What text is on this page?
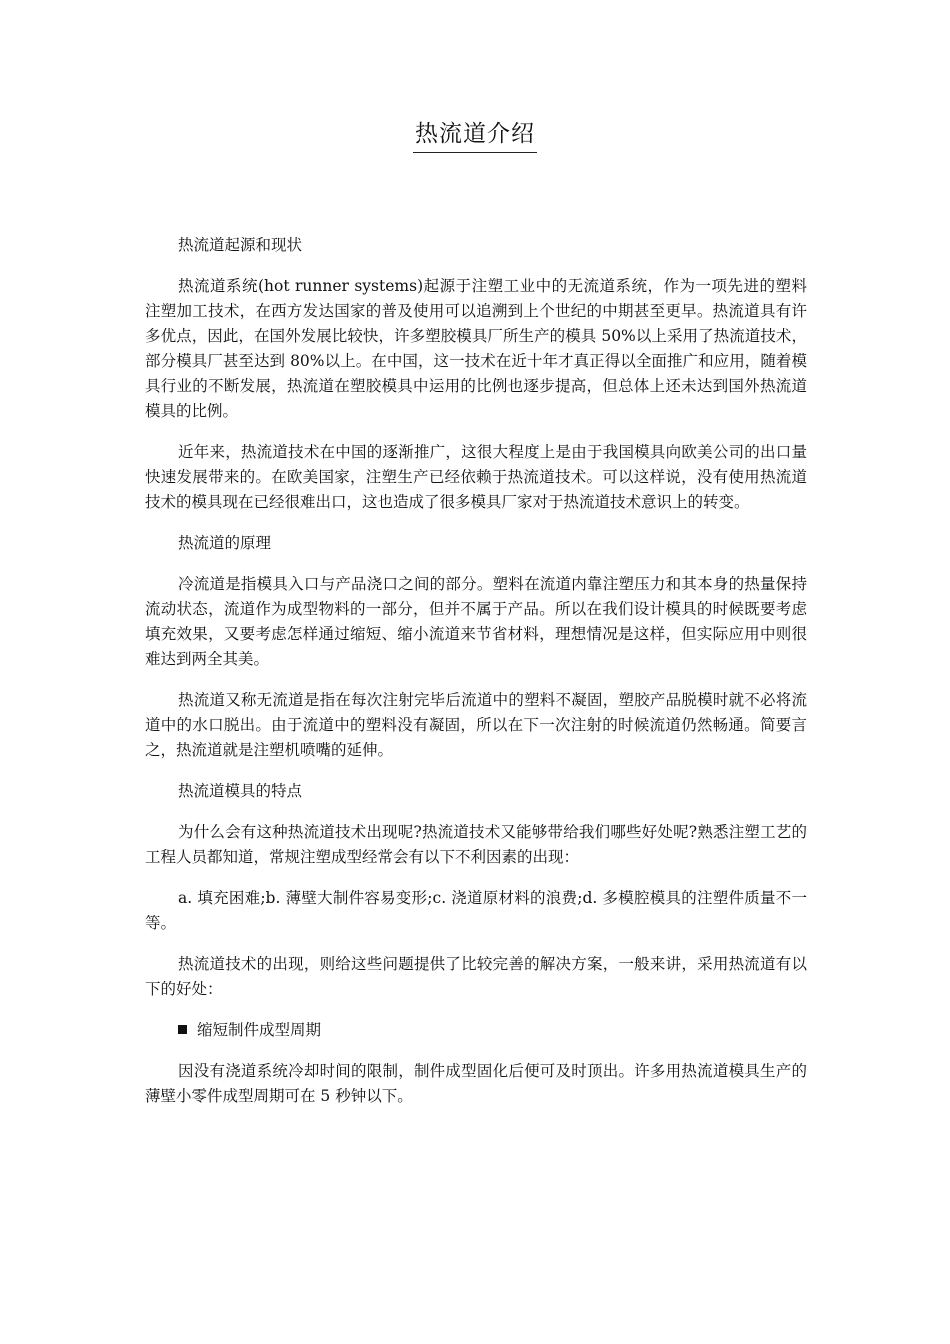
热流道介绍

热流道起源和现状

热流道系统(hot runner systems)起源于注塑工业中的无流道系统，作为一项先进的塑料注塑加工技术，在西方发达国家的普及使用可以追溯到上个世纪的中期甚至更早。热流道具有许多优点，因此，在国外发展比较快，许多塑胶模具厂所生产的模具 50%以上采用了热流道技术，部分模具厂甚至达到 80%以上。在中国，这一技术在近十年才真正得以全面推广和应用，随着模具行业的不断发展，热流道在塑胶模具中运用的比例也逐步提高，但总体上还未达到国外热流道模具的比例。

近年来，热流道技术在中国的逐渐推广，这很大程度上是由于我国模具向欧美公司的出口量快速发展带来的。在欧美国家，注塑生产已经依赖于热流道技术。可以这样说，没有使用热流道技术的模具现在已经很难出口，这也造成了很多模具厂家对于热流道技术意识上的转变。

热流道的原理

冷流道是指模具入口与产品浇口之间的部分。塑料在流道内靠注塑压力和其本身的热量保持流动状态，流道作为成型物料的一部分，但并不属于产品。所以在我们设计模具的时候既要考虑填充效果，又要考虑怎样通过缩短、缩小流道来节省材料，理想情况是这样，但实际应用中则很难达到两全其美。

热流道又称无流道是指在每次注射完毕后流道中的塑料不凝固，塑胶产品脱模时就不必将流道中的水口脱出。由于流道中的塑料没有凝固，所以在下一次注射的时候流道仍然畅通。简要言之，热流道就是注塑机喷嘴的延伸。

热流道模具的特点

为什么会有这种热流道技术出现呢?热流道技术又能够带给我们哪些好处呢?熟悉注塑工艺的工程人员都知道，常规注塑成型经常会有以下不利因素的出现：

a. 填充困难;b. 薄壁大制件容易变形;c. 浇道原材料的浪费;d. 多模腔模具的注塑件质量不一等。

热流道技术的出现，则给这些问题提供了比较完善的解决方案，一般来讲，采用热流道有以下的好处：

缩短制件成型周期

因没有浇道系统冷却时间的限制，制件成型固化后便可及时顶出。许多用热流道模具生产的薄壁小零件成型周期可在 5 秒钟以下。
